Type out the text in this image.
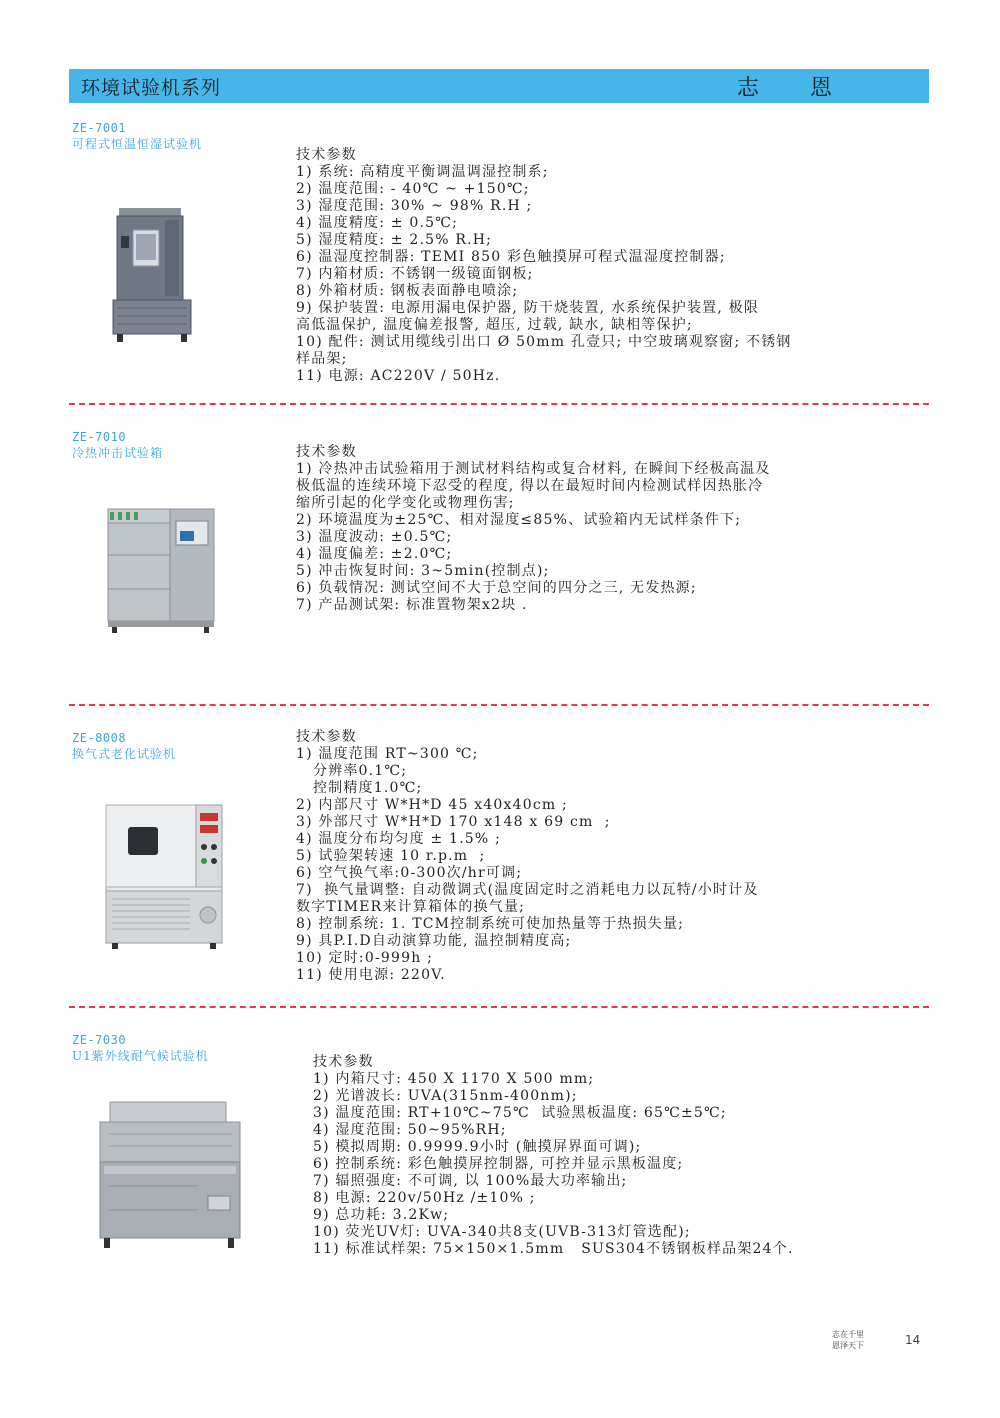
环境试验机系列	志 恩
ZE-7001
可程式恒温恒湿试验机
技术参数
1) 系统: 高精度平衡调温调湿控制系;
2) 温度范围: - 40℃ ~ +150℃;
3) 湿度范围: 30% ~ 98% R.H ;
4) 温度精度: ± 0.5℃;
5) 湿度精度: ± 2.5% R.H;
6) 温湿度控制器: TEMI 850 彩色触摸屏可程式温湿度控制器;
7) 内箱材质: 不锈钢一级镜面钢板;
8) 外箱材质: 钢板表面静电喷涂;
9) 保护装置: 电源用漏电保护器, 防干烧装置, 水系统保护装置, 极限
高低温保护, 温度偏差报警, 超压, 过载, 缺水, 缺相等保护;
10) 配件: 测试用缆线引出口 Ø 50mm 孔壹只; 中空玻璃观察窗; 不锈钢
样品架;
11) 电源: AC220V / 50Hz.
ZE-7010
冷热冲击试验箱	技术参数
1) 冷热冲击试验箱用于测试材料结构或复合材料, 在瞬间下经极高温及
极低温的连续环境下忍受的程度, 得以在最短时间内检测试样因热胀冷
缩所引起的化学变化或物理伤害;
2) 环境温度为±25℃、相对湿度≤85%、试验箱内无试样条件下;
3) 温度波动: ±0.5℃;
4) 温度偏差: ±2.0℃;
5) 冲击恢复时间: 3~5min(控制点);
6) 负载情况: 测试空间不大于总空间的四分之三, 无发热源;
7) 产品测试架: 标准置物架x2块 .
ZE-8008
换气式老化试验机
技术参数
1) 温度范围 RT~300 ℃;
分辨率0.1℃;
控制精度1.0℃;
2) 内部尺寸 W*H*D 45 x40x40cm ;
3) 外部尺寸 W*H*D 170 x148 x 69 cm  ;
4) 温度分布均匀度 ± 1.5% ;
5) 试验架转速 10 r.p.m  ;
6) 空气换气率:0-300次/hr可调;
7)  换气量调整: 自动微调式(温度固定时之消耗电力以瓦特/小时计及
数字TIMER来计算箱体的换气量;
8) 控制系统: 1. TCM控制系统可使加热量等于热损失量;
9) 具P.I.D自动演算功能, 温控制精度高;
10) 定时:0-999h ;
11) 使用电源: 220V.
ZE-7030
U1紫外线耐气候试验机	技术参数
1) 内箱尺寸: 450 X 1170 X 500 mm;
2) 光谱波长: UVA(315nm-400nm);
3) 温度范围: RT+10℃~75℃  试验黑板温度: 65℃±5℃;
4) 湿度范围: 50~95%RH;
5) 模拟周期: 0.9999.9小时 (触摸屏界面可调);
6) 控制系统: 彩色触摸屏控制器, 可控并显示黑板温度;
7) 辐照强度: 不可调, 以 100%最大功率输出;
8) 电源: 220v/50Hz /±10% ;
9) 总功耗: 3.2Kw;
10) 荧光UV灯: UVA-340共8支(UVB-313灯管选配);
11) 标准试样架: 75×150×1.5mm   SUS304不锈钢板样品架24个.
志在千里
恩泽天下	14
